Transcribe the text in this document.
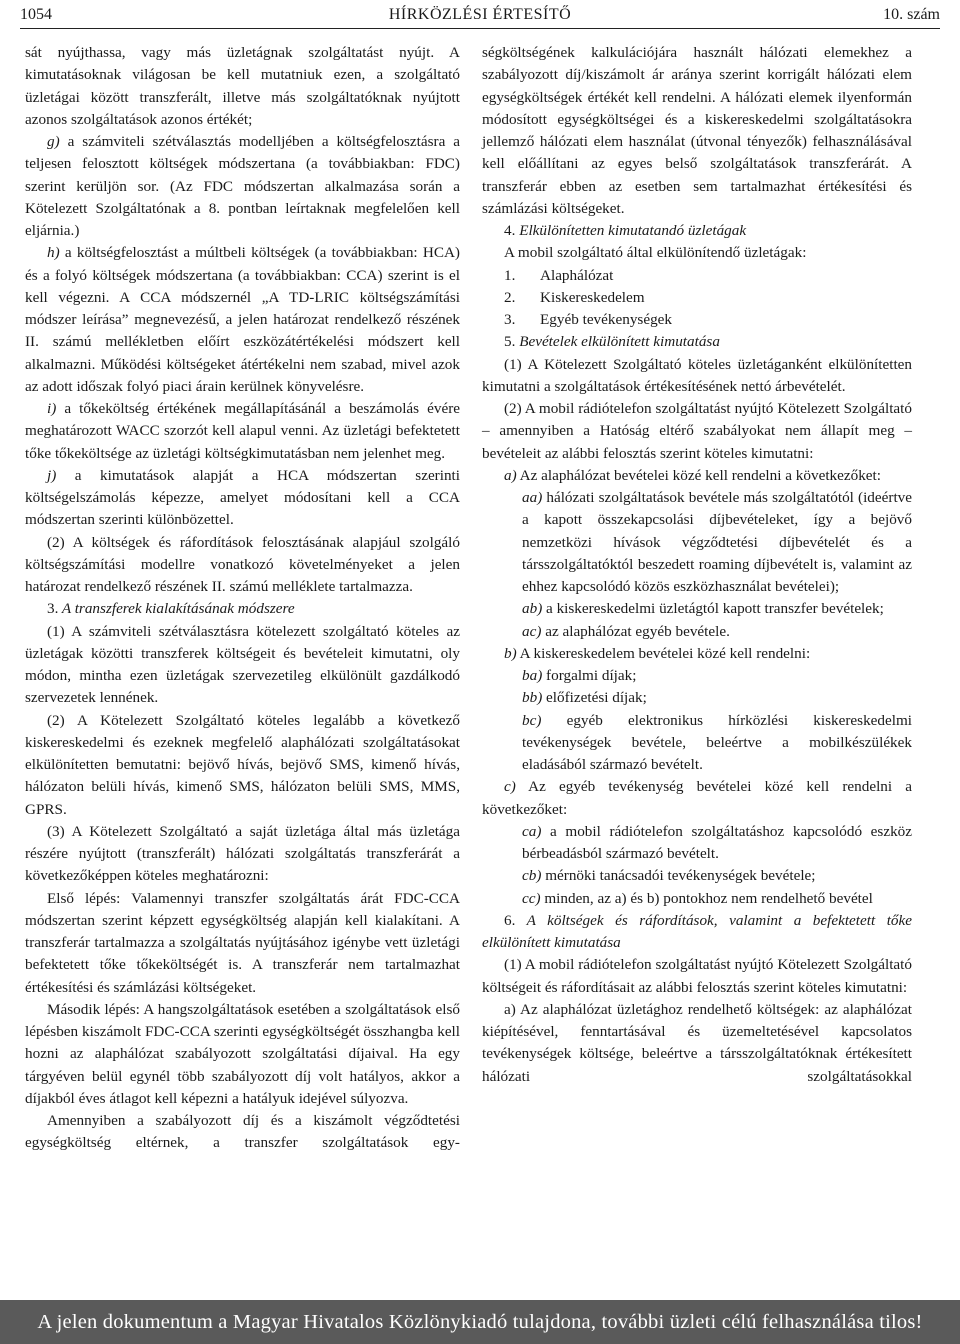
1054	HÍRKÖZLÉSI ÉRTESÍTŐ	10. szám

sát nyújthassa, vagy más üzletágnak szolgáltatást nyújt. A kimutatásoknak világosan be kell mutatniuk ezen, a szolgáltató üzletágai között transzferált, illetve más szolgáltatóknak nyújtott azonos szolgáltatások azonos értékét;

g) a számviteli szétválasztás modelljében a költségfelosztásra a teljesen felosztott költségek módszertana (a továbbiakban: FDC) szerint kerüljön sor. (Az FDC módszertan alkalmazása során a Kötelezett Szolgáltatónak a 8. pontban leírtaknak megfelelően kell eljárnia.)

h) a költségfelosztást a múltbeli költségek (a továbbiakban: HCA) és a folyó költségek módszertana (a továbbiakban: CCA) szerint is el kell végezni. A CCA módszernél „A TD-LRIC költségszámítási módszer leírása” megnevezésű, a jelen határozat rendelkező részének II. számú mellékletben előírt eszközátértékelési módszert kell alkalmazni. Működési költségeket átértékelni nem szabad, mivel azok az adott időszak folyó piaci árain kerülnek könyvelésre.

i) a tőkeköltség értékének megállapításánál a beszámolás évére meghatározott WACC szorzót kell alapul venni. Az üzletági befektetett tőke tőkeköltsége az üzletági költségkimutatásban nem jelenhet meg.

j) a kimutatások alapját a HCA módszertan szerinti költségelszámolás képezze, amelyet módosítani kell a CCA módszertan szerinti különbözettel.

(2) A költségek és ráfordítások felosztásának alapjául szolgáló költségszámítási modellre vonatkozó követelményeket a jelen határozat rendelkező részének II. számú melléklete tartalmazza.

3. A transzferek kialakításának módszere

(1) A számviteli szétválasztásra kötelezett szolgáltató köteles az üzletágak közötti transzferek költségeit és bevételeit kimutatni, oly módon, mintha ezen üzletágak szervezetileg elkülönült gazdálkodó szervezetek lennének.

(2) A Kötelezett Szolgáltató köteles legalább a következő kiskereskedelmi és ezeknek megfelelő alaphálózati szolgáltatásokat elkülönítetten bemutatni: bejövő hívás, bejövő SMS, kimenő hívás, hálózaton belüli hívás, kimenő SMS, hálózaton belüli SMS, MMS, GPRS.

(3) A Kötelezett Szolgáltató a saját üzletága által más üzletága részére nyújtott (transzferált) hálózati szolgáltatás transzferárát a következőképpen köteles meghatározni:

Első lépés: Valamennyi transzfer szolgáltatás árát FDC-CCA módszertan szerint képzett egységköltség alapján kell kialakítani. A transzferár tartalmazza a szolgáltatás nyújtásához igénybe vett üzletági befektetett tőke tőkeköltségét is. A transzferár nem tartalmazhat értékesítési és számlázási költségeket.

Második lépés: A hangszolgáltatások esetében a szolgáltatások első lépésben kiszámolt FDC-CCA szerinti egységköltségét összhangba kell hozni az alaphálózat szabályozott szolgáltatási díjaival. Ha egy tárgyéven belül egynél több szabályozott díj volt hatályos, akkor a díjakból éves átlagot kell képezni a hatályuk idejével súlyozva.

Amennyiben a szabályozott díj és a kiszámolt végződtetési egységköltség eltérnek, a transzfer szolgáltatások egy-

ségköltségének kalkulációjára használt hálózati elemekhez a szabályozott díj/kiszámolt ár aránya szerint korrigált hálózati elem egységköltségek értékét kell rendelni. A hálózati elemek ilyenformán módosított egységköltségei és a kiskereskedelmi szolgáltatásokra jellemző hálózati elem használat (útvonal tényezők) felhasználásával kell előállítani az egyes belső szolgáltatások transzferárát. A transzferár ebben az esetben sem tartalmazhat értékesítési és számlázási költségeket.

4. Elkülönítetten kimutatandó üzletágak

A mobil szolgáltató által elkülönítendő üzletágak:

1.	Alaphálózat

2.	Kiskereskedelem

3.	Egyéb tevékenységek

5. Bevételek elkülönített kimutatása

(1) A Kötelezett Szolgáltató köteles üzletáganként elkülönítetten kimutatni a szolgáltatások értékesítésének nettó árbevételét.

(2) A mobil rádiótelefon szolgáltatást nyújtó Kötelezett Szolgáltató – amennyiben a Hatóság eltérő szabályokat nem állapít meg – bevételeit az alábbi felosztás szerint köteles kimutatni:

a) Az alaphálózat bevételei közé kell rendelni a következőket:

aa) hálózati szolgáltatások bevétele más szolgáltatótól (ideértve a kapott összekapcsolási díjbevételeket, így a bejövő nemzetközi hívások végződtetési díjbevételét és a társszolgáltatóktól beszedett roaming díjbevételt is, valamint az ehhez kapcsolódó közös eszközhasználat bevételei);

ab) a kiskereskedelmi üzletágtól kapott transzfer bevételek;

ac) az alaphálózat egyéb bevétele.

b) A kiskereskedelem bevételei közé kell rendelni:

ba) forgalmi díjak;

bb) előfizetési díjak;

bc) egyéb elektronikus hírközlési kiskereskedelmi tevékenységek bevétele, beleértve a mobilkészülékek eladásából származó bevételt.

c) Az egyéb tevékenység bevételei közé kell rendelni a következőket:

ca) a mobil rádiótelefon szolgáltatáshoz kapcsolódó eszköz bérbeadásból származó bevételt.

cb) mérnöki tanácsadói tevékenységek bevétele;

cc) minden, az a) és b) pontokhoz nem rendelhető bevétel

6. A költségek és ráfordítások, valamint a befektetett tőke elkülönített kimutatása

(1) A mobil rádiótelefon szolgáltatást nyújtó Kötelezett Szolgáltató költségeit és ráfordításait az alábbi felosztás szerint köteles kimutatni:

a) Az alaphálózat üzletághoz rendelhető költségek: az alaphálózat kiépítésével, fenntartásával és üzemeltetésével kapcsolatos tevékenységek költsége, beleértve a társszolgáltatóknak értékesített hálózati szolgáltatásokkal

A jelen dokumentum a Magyar Hivatalos Közlönykiadó tulajdona, további üzleti célú felhasználása tilos!
